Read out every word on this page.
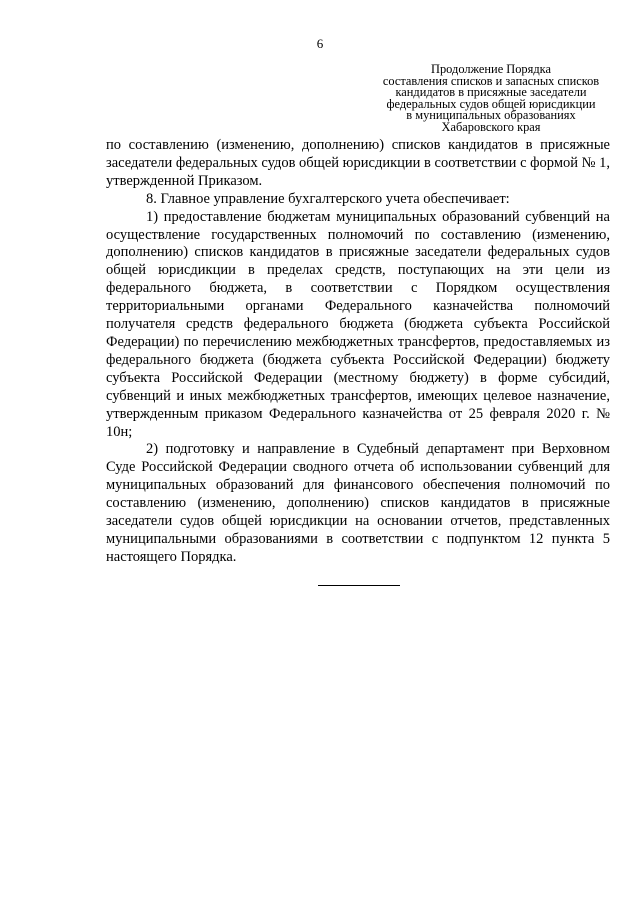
6
Продолжение Порядка
составления списков и запасных списков
кандидатов в присяжные заседатели
федеральных судов общей юрисдикции
в муниципальных образованиях
Хабаровского края

по составлению (изменению, дополнению) списков кандидатов в присяжные заседатели федеральных судов общей юрисдикции в соответствии с формой № 1, утвержденной Приказом.

8. Главное управление бухгалтерского учета обеспечивает:

1) предоставление бюджетам муниципальных образований субвенций на осуществление государственных полномочий по составлению (изменению, дополнению) списков кандидатов в присяжные заседатели федеральных судов общей юрисдикции в пределах средств, поступающих на эти цели из федерального бюджета, в соответствии с Порядком осуществления территориальными органами Федерального казначейства полномочий получателя средств федерального бюджета (бюджета субъекта Российской Федерации) по перечислению межбюджетных трансфертов, предоставляемых из федерального бюджета (бюджета субъекта Российской Федерации) бюджету субъекта Российской Федерации (местному бюджету) в форме субсидий, субвенций и иных межбюджетных трансфертов, имеющих целевое назначение, утвержденным приказом Федерального казначейства от 25 февраля 2020 г. № 10н;

2) подготовку и направление в Судебный департамент при Верховном Суде Российской Федерации сводного отчета об использовании субвенций для муниципальных образований для финансового обеспечения полномочий по составлению (изменению, дополнению) списков кандидатов в присяжные заседатели судов общей юрисдикции на основании отчетов, представленных муниципальными образованиями в соответствии с подпунктом 12 пункта 5 настоящего Порядка.
